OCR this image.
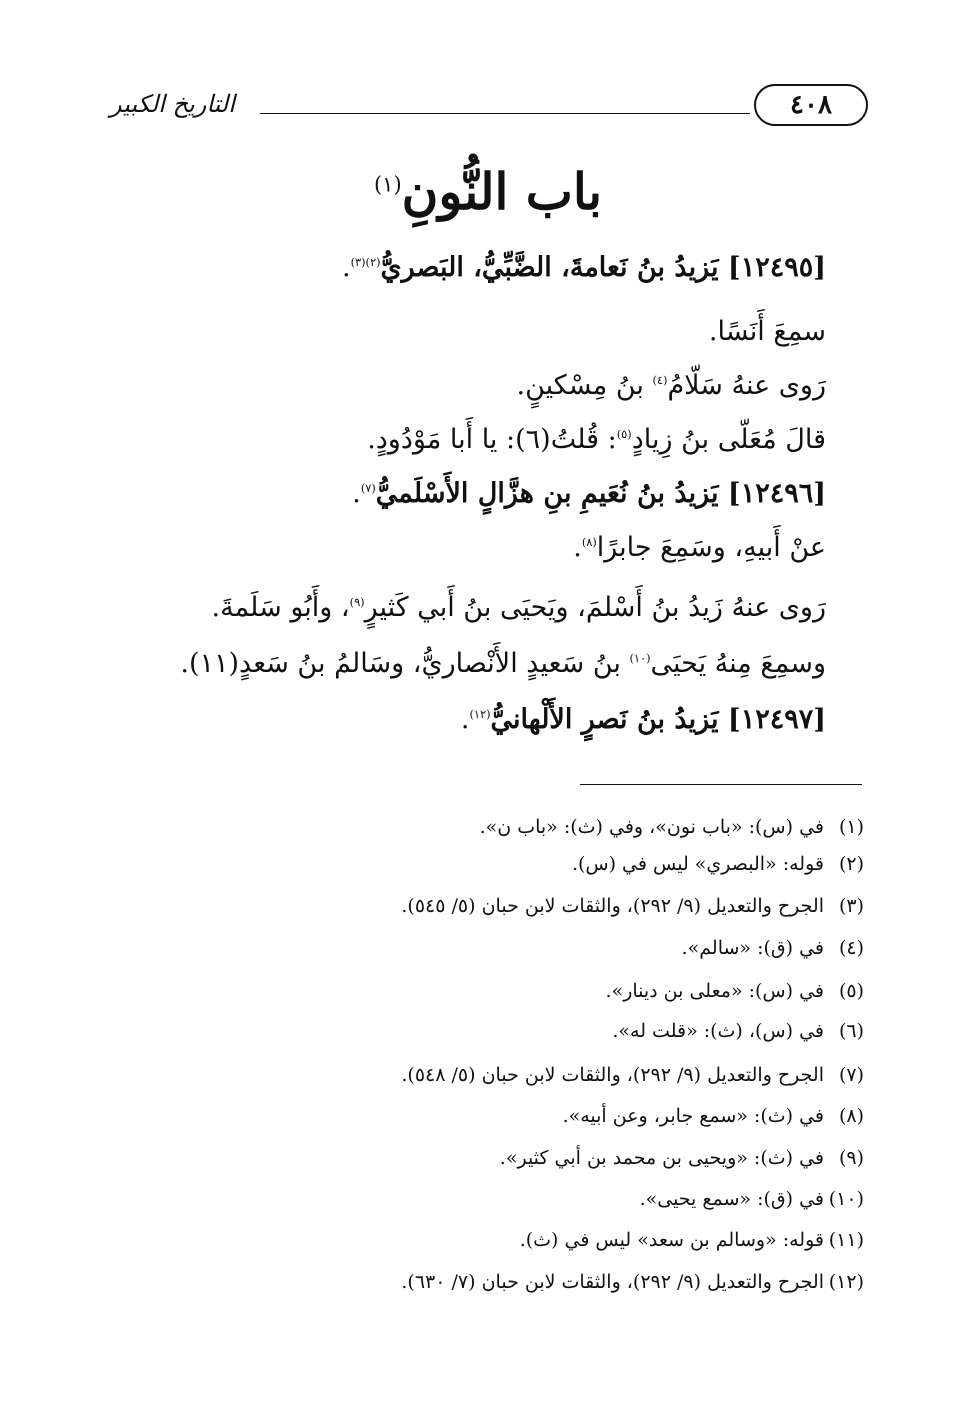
التاريخ الكبير	٤٠٨
باب النُّونِ$^{(١)}$
[١٢٤٩٥] يَزيدُ بنُ نَعامةَ، الضَّبِّيُّ، البَصريُّ$^{(٢)(٣)}$.
سمِعَ أَنَسًا.
رَوى عنهُ سَلّامُ$^{(٤)}$ بنُ مِسْكينٍ.
قالَ مُعَلّى بنُ زِيادٍ$^{(٥)}$: قُلتُ(٦): يا أَبا مَوْدُودٍ.
[١٢٤٩٦] يَزيدُ بنُ نُعَيمِ بنِ هزَّالٍ الأَسْلَميُّ$^{(٧)}$.
عنْ أَبيهِ، وسَمِعَ جابرًا$^{(٨)}$.
رَوى عنهُ زَيدُ بنُ أَسْلمَ، ويَحيَى بنُ أَبي كَثيرٍ$^{(٩)}$، وأَبُو سَلَمةَ.
وسمِعَ مِنهُ يَحيَى$^{(١٠)}$ بنُ سَعيدٍ الأَنْصاريُّ، وسَالمُ بنُ سَعدٍ(١١).
[١٢٤٩٧] يَزيدُ بنُ نَصرٍ الأَلْهانيُّ$^{(١٢)}$.
(١)في (س): «باب نون»، وفي (ث): «باب ن».
(٢)قوله: «البصري» ليس في (س).
(٣)الجرح والتعديل (٩/ ٢٩٢)، والثقات لابن حبان (٥/ ٥٤٥).
(٤)في (ق): «سالم».
(٥)في (س): «معلى بن دينار».
(٦)في (س)، (ث): «قلت له».
(٧)الجرح والتعديل (٩/ ٢٩٢)، والثقات لابن حبان (٥/ ٥٤٨).
(٨)في (ث): «سمع جابر، وعن أبيه».
(٩)في (ث): «ويحيى بن محمد بن أبي كثير».
(١٠)في (ق): «سمع يحيى».
(١١)قوله: «وسالم بن سعد» ليس في (ث).
(١٢)الجرح والتعديل (٩/ ٢٩٢)، والثقات لابن حبان (٧/ ٦٣٠).
